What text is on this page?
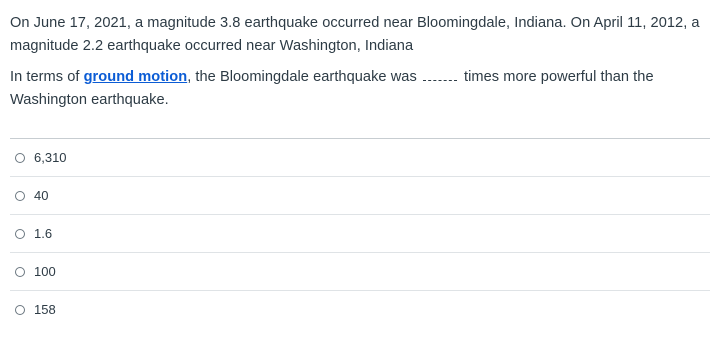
On June 17, 2021, a magnitude 3.8 earthquake occurred near Bloomingdale, Indiana. On April 11, 2012, a magnitude 2.2 earthquake occurred near Washington, Indiana

In terms of ground motion, the Bloomingdale earthquake was	times more powerful than the Washington earthquake.

6,310
40
1.6
100
158
